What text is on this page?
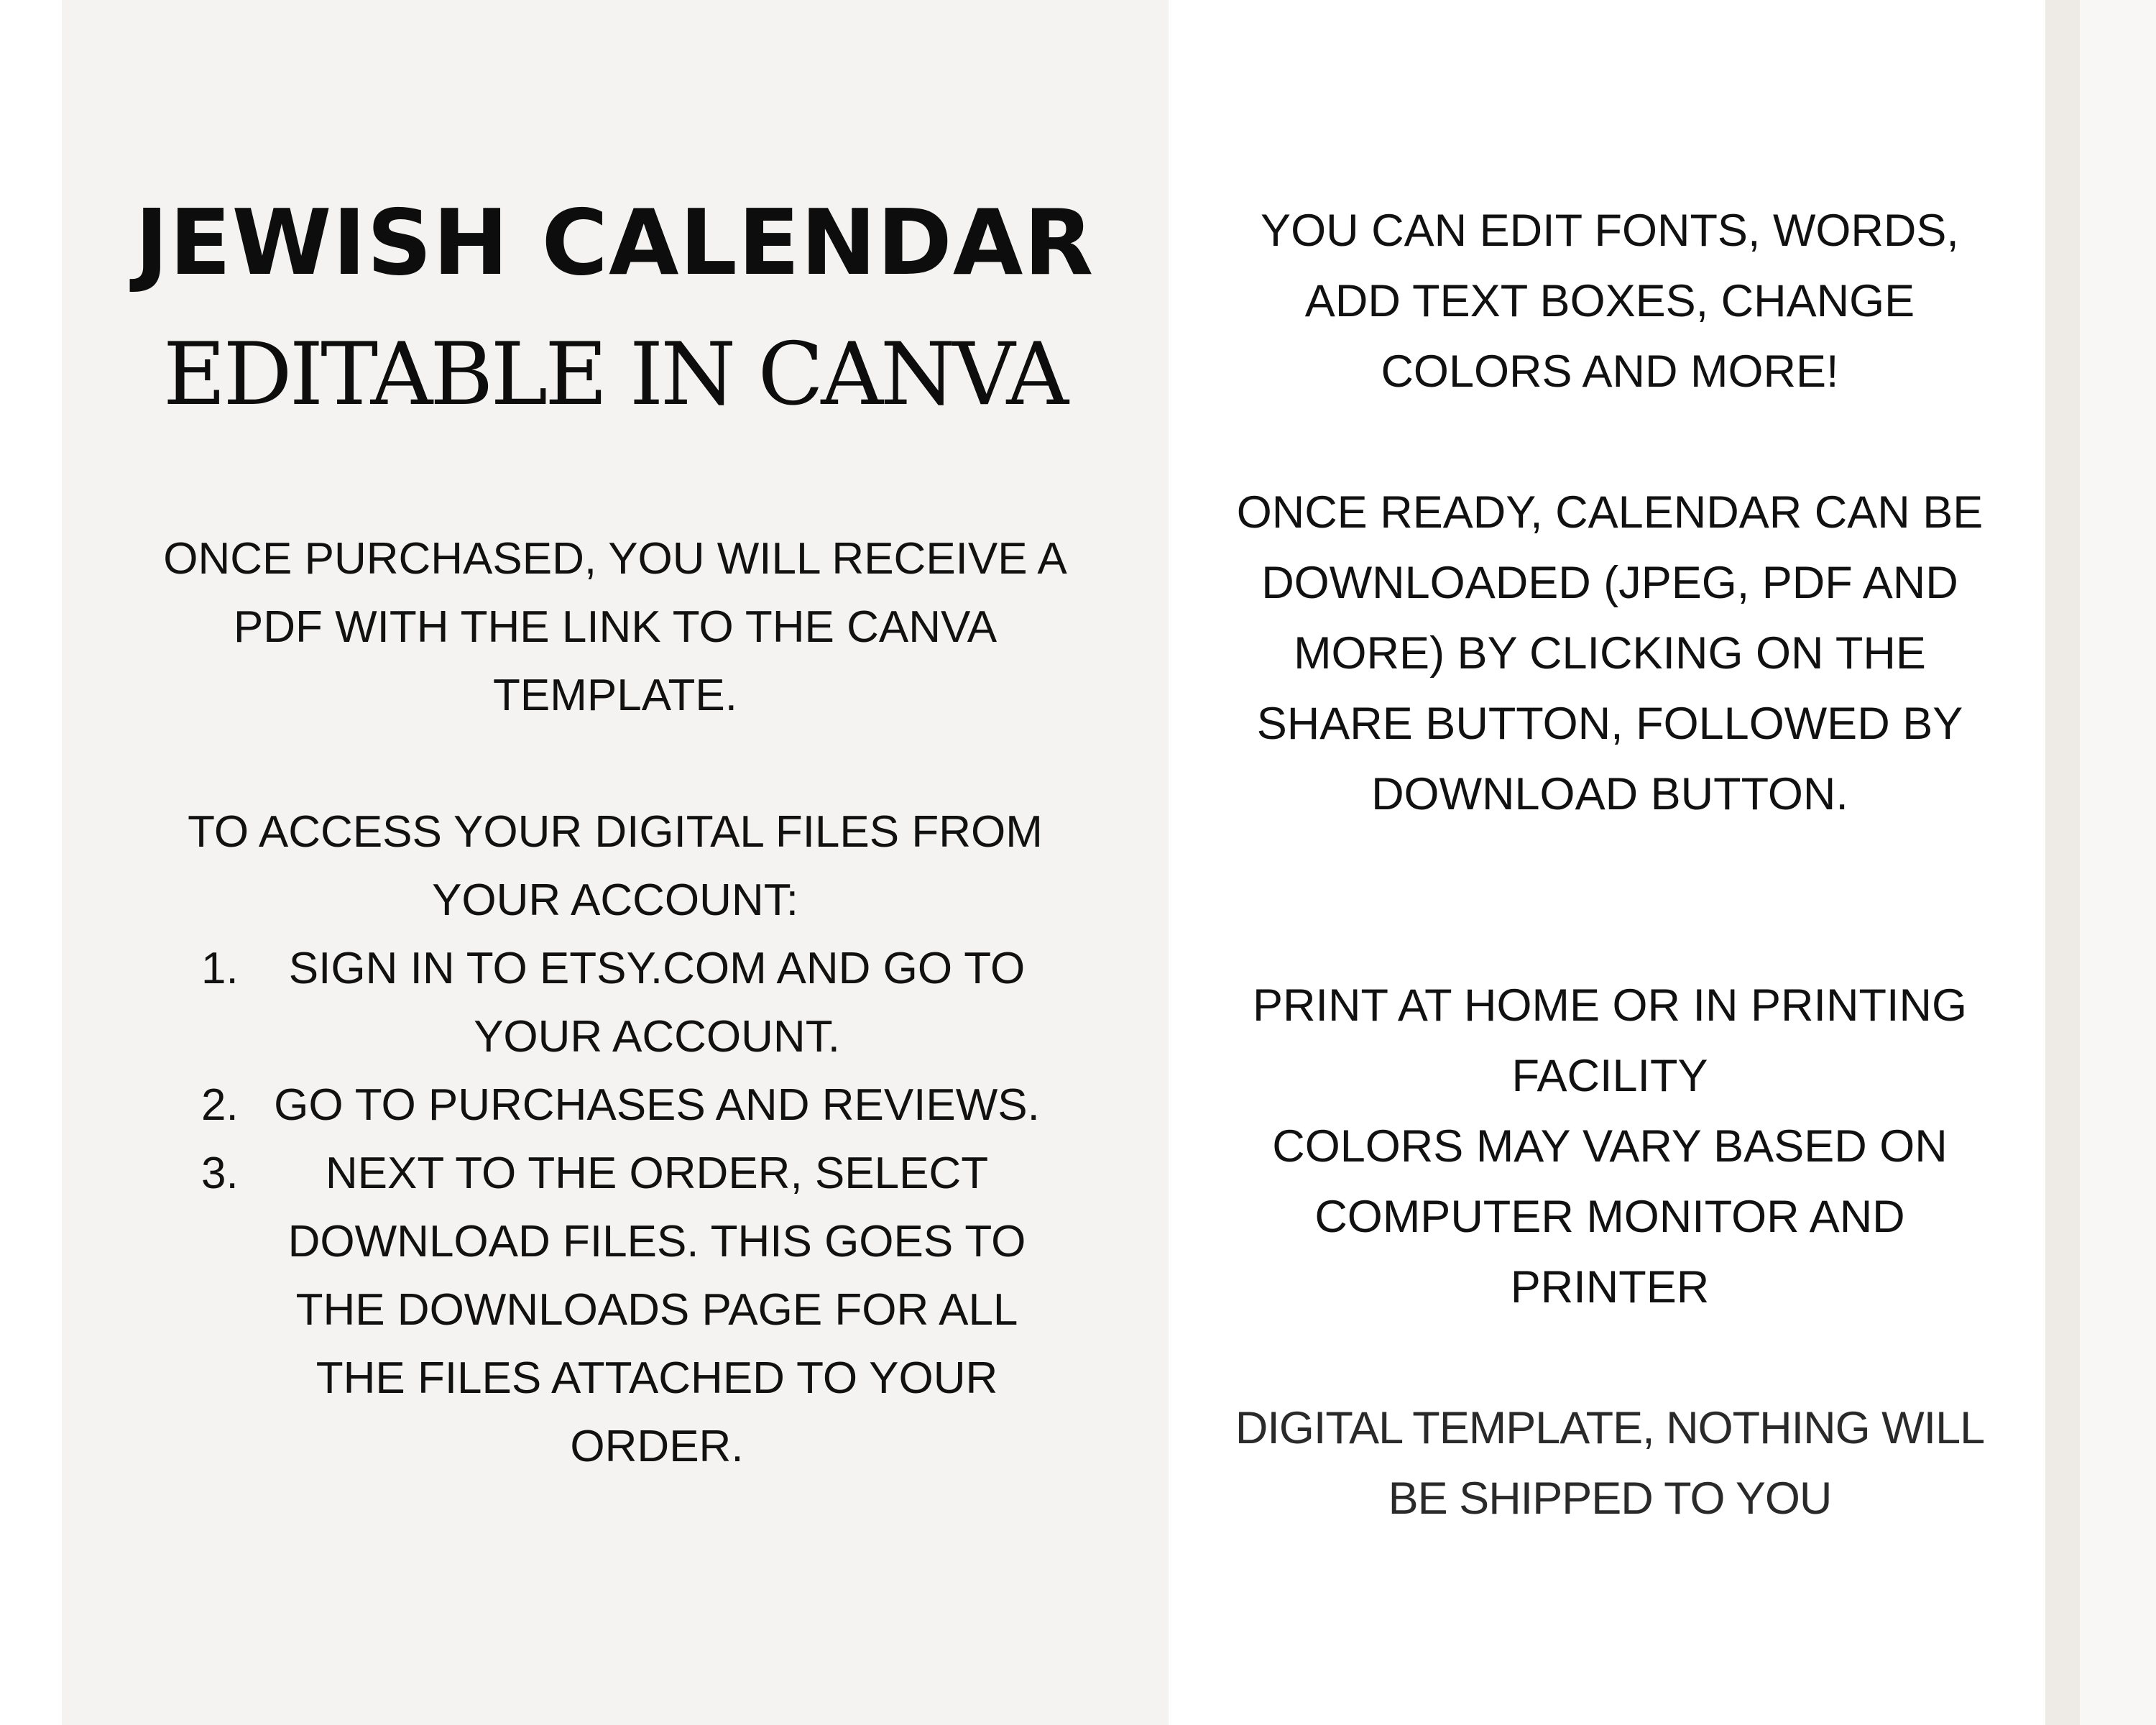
JEWISH CALENDAR
EDITABLE IN CANVA
ONCE PURCHASED, YOU WILL RECEIVE A PDF WITH THE LINK TO THE CANVA TEMPLATE.
TO ACCESS YOUR DIGITAL FILES FROM YOUR ACCOUNT:
1.	SIGN IN TO ETSY.COM AND GO TO YOUR ACCOUNT.
2. GO TO PURCHASES AND REVIEWS.
3.	NEXT TO THE ORDER, SELECT DOWNLOAD FILES. THIS GOES TO THE DOWNLOADS PAGE FOR ALL THE FILES ATTACHED TO YOUR ORDER.
YOU CAN EDIT FONTS, WORDS, ADD TEXT BOXES, CHANGE COLORS AND MORE!
ONCE READY, CALENDAR CAN BE DOWNLOADED (JPEG, PDF AND MORE) BY CLICKING ON THE SHARE BUTTON, FOLLOWED BY DOWNLOAD BUTTON.
PRINT AT HOME OR IN PRINTING FACILITY
COLORS MAY VARY BASED ON COMPUTER MONITOR AND PRINTER
DIGITAL TEMPLATE, NOTHING WILL BE SHIPPED TO YOU
